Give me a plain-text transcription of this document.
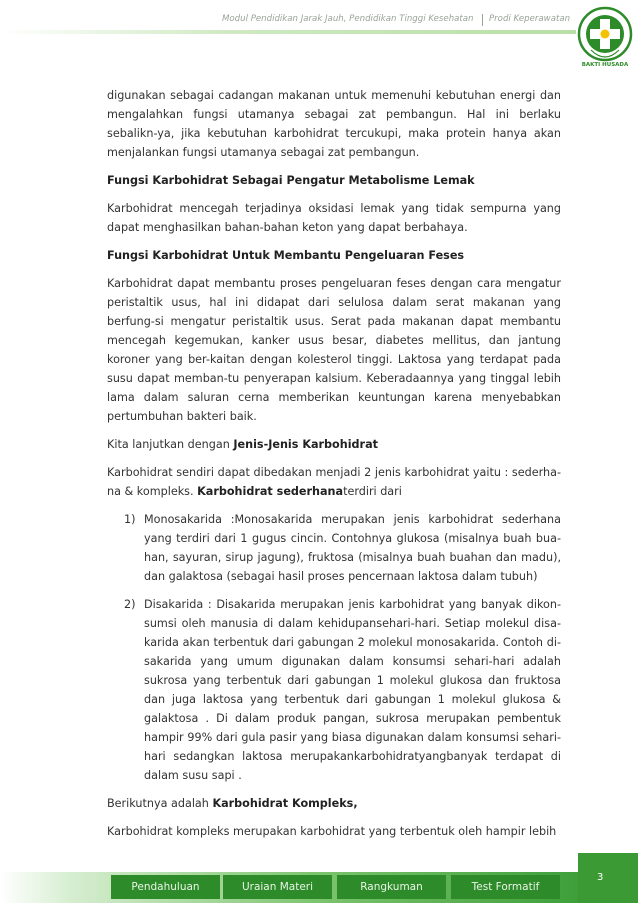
Modul Pendidikan Jarak Jauh, Pendidikan Tinggi Kesehatan Prodi Keperawatan
BAKTI HUSADA

digunakan sebagai cadangan makanan untuk memenuhi kebutuhan energi dan mengalahkan fungsi utamanya sebagai zat pembangun. Hal ini berlaku sebalikn-ya, jika kebutuhan karbohidrat tercukupi, maka protein hanya akan menjalankan fungsi utamanya sebagai zat pembangun.

Fungsi Karbohidrat Sebagai Pengatur Metabolisme Lemak

Karbohidrat mencegah terjadinya oksidasi lemak yang tidak sempurna yang dapat menghasilkan bahan-bahan keton yang dapat berbahaya.

Fungsi Karbohidrat Untuk Membantu Pengeluaran Feses

Karbohidrat dapat membantu proses pengeluaran feses dengan cara mengatur peristaltik usus, hal ini didapat dari selulosa dalam serat makanan yang berfung-si mengatur peristaltik usus. Serat pada makanan dapat membantu mencegah kegemukan, kanker usus besar, diabetes mellitus, dan jantung koroner yang ber-kaitan dengan kolesterol tinggi. Laktosa yang terdapat pada susu dapat memban-tu penyerapan kalsium. Keberadaannya yang tinggal lebih lama dalam saluran cerna memberikan keuntungan karena menyebabkan pertumbuhan bakteri baik.

Kita lanjutkan dengan Jenis-Jenis Karbohidrat

Karbohidrat sendiri dapat dibedakan menjadi 2 jenis karbohidrat yaitu : sederha-na & kompleks. Karbohidrat sederhanaterdiri dari

1) Monosakarida :Monosakarida merupakan jenis karbohidrat sederhana yang terdiri dari 1 gugus cincin. Contohnya glukosa (misalnya buah bua-han, sayuran, sirup jagung), fruktosa (misalnya buah buahan dan madu), dan galaktosa (sebagai hasil proses pencernaan laktosa dalam tubuh)
2) Disakarida : Disakarida merupakan jenis karbohidrat yang banyak dikon-sumsi oleh manusia di dalam kehidupansehari-hari. Setiap molekul disa-karida akan terbentuk dari gabungan 2 molekul monosakarida. Contoh di-sakarida yang umum digunakan dalam konsumsi sehari-hari adalah sukrosa yang terbentuk dari gabungan 1 molekul glukosa dan fruktosa dan juga laktosa yang terbentuk dari gabungan 1 molekul glukosa & galaktosa . Di dalam produk pangan, sukrosa merupakan pembentuk hampir 99% dari gula pasir yang biasa digunakan dalam konsumsi sehari-hari sedangkan laktosa merupakankarbohidratyangbanyak terdapat di dalam susu sapi .

Berikutnya adalah Karbohidrat Kompleks,

Karbohidrat kompleks merupakan karbohidrat yang terbentuk oleh hampir lebih

3
Pendahuluan	Uraian Materi	Rangkuman	Test Formatif
